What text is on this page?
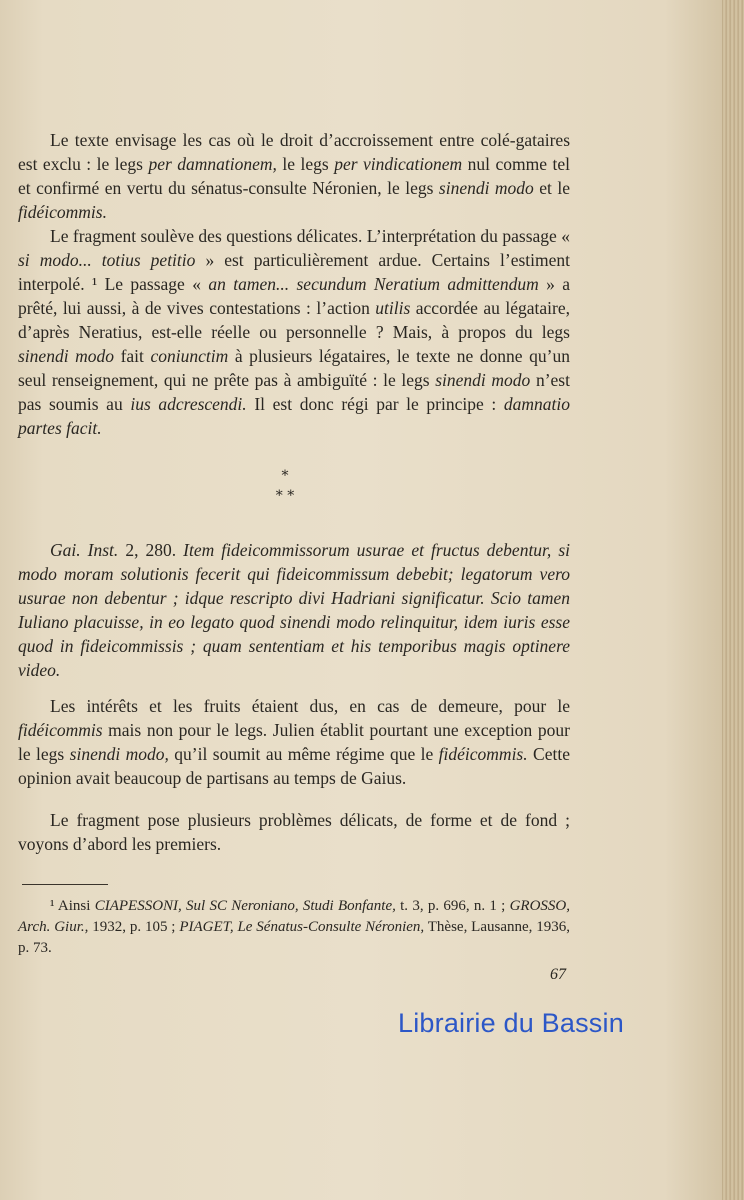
Le texte envisage les cas où le droit d’accroissement entre colé-gataires est exclu : le legs per damnationem, le legs per vindicationem nul comme tel et confirmé en vertu du sénatus-consulte Néronien, le legs sinendi modo et le fidéicommis.

Le fragment soulève des questions délicates. L’interprétation du passage « si modo... totius petitio » est particulièrement ardue. Certains l’estiment interpolé. ¹ Le passage « an tamen... secundum Neratium admittendum » a prêté, lui aussi, à de vives contestations : l’action utilis accordée au légataire, d’après Neratius, est-elle réelle ou personnelle ? Mais, à propos du legs sinendi modo fait coniunctim à plusieurs légataires, le texte ne donne qu’un seul renseignement, qui ne prête pas à ambiguïté : le legs sinendi modo n’est pas soumis au ius adcrescendi. Il est donc régi par le principe : damnatio partes facit.

*
* *

Gai. Inst. 2, 280. Item fideicommissorum usurae et fructus debentur, si modo moram solutionis fecerit qui fideicommissum debebit; legatorum vero usurae non debentur ; idque rescripto divi Hadriani significatur. Scio tamen Iuliano placuisse, in eo legato quod sinendi modo relinquitur, idem iuris esse quod in fideicommissis ; quam sententiam et his temporibus magis optinere video.

Les intérêts et les fruits étaient dus, en cas de demeure, pour le fidéicommis mais non pour le legs. Julien établit pourtant une exception pour le legs sinendi modo, qu’il soumit au même régime que le fidéicommis. Cette opinion avait beaucoup de partisans au temps de Gaius.

Le fragment pose plusieurs problèmes délicats, de forme et de fond ; voyons d’abord les premiers.

¹ Ainsi CIAPESSONI, Sul SC Neroniano, Studi Bonfante, t. 3, p. 696, n. 1 ; GROSSO, Arch. Giur., 1932, p. 105 ; PIAGET, Le Sénatus-Consulte Néronien, Thèse, Lausanne, 1936, p. 73.

67
Librairie du Bassin
